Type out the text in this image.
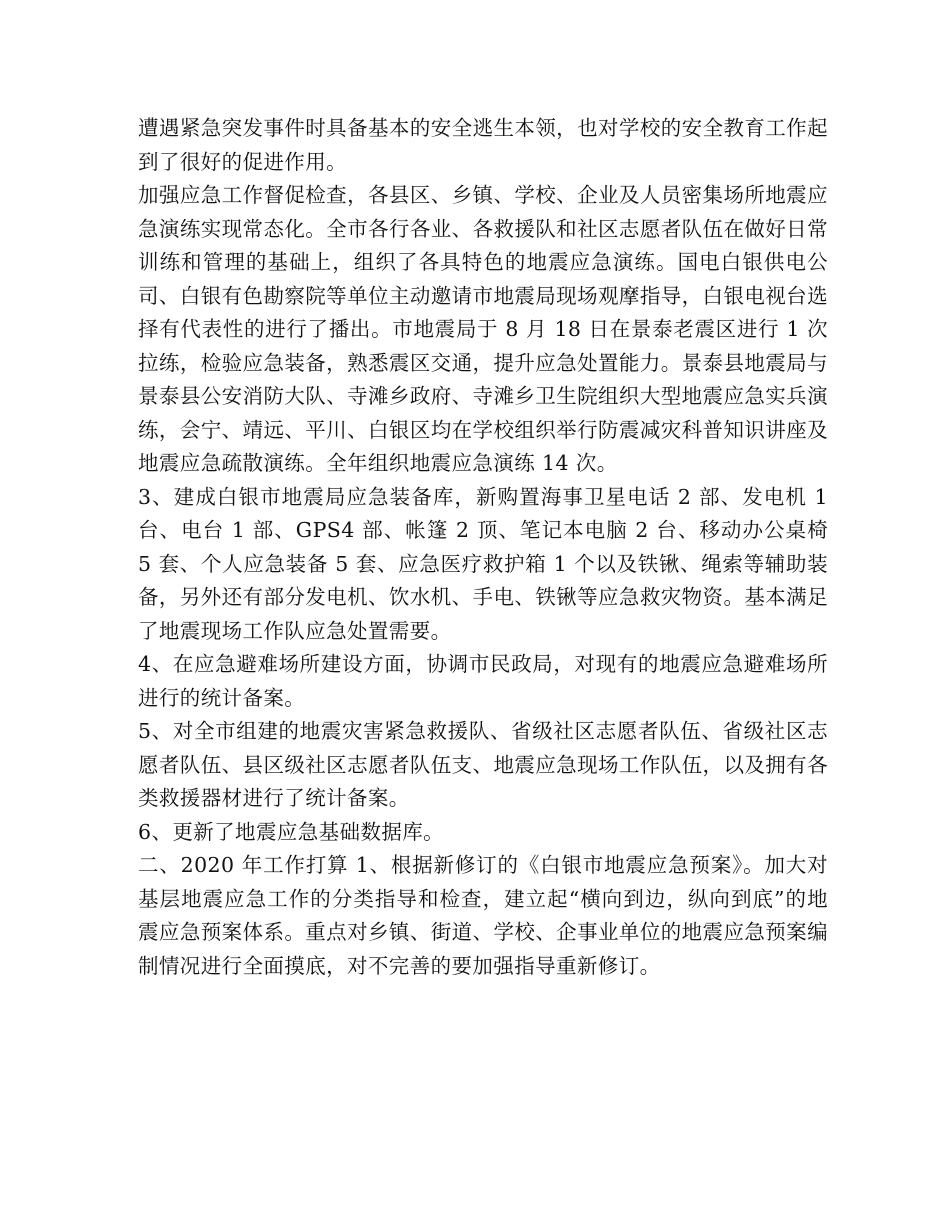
遭遇紧急突发事件时具备基本的安全逃生本领，也对学校的安全教育工作起到了很好的促进作用。

加强应急工作督促检查，各县区、乡镇、学校、企业及人员密集场所地震应急演练实现常态化。全市各行各业、各救援队和社区志愿者队伍在做好日常训练和管理的基础上，组织了各具特色的地震应急演练。国电白银供电公司、白银有色勘察院等单位主动邀请市地震局现场观摩指导，白银电视台选择有代表性的进行了播出。市地震局于 8 月 18 日在景泰老震区进行 1 次拉练，检验应急装备，熟悉震区交通，提升应急处置能力。景泰县地震局与景泰县公安消防大队、寺滩乡政府、寺滩乡卫生院组织大型地震应急实兵演练，会宁、靖远、平川、白银区均在学校组织举行防震减灾科普知识讲座及地震应急疏散演练。全年组织地震应急演练 14 次。

3、建成白银市地震局应急装备库，新购置海事卫星电话 2 部、发电机 1 台、电台 1 部、GPS4 部、帐篷 2 顶、笔记本电脑 2 台、移动办公桌椅 5 套、个人应急装备 5 套、应急医疗救护箱 1 个以及铁锹、绳索等辅助装备，另外还有部分发电机、饮水机、手电、铁锹等应急救灾物资。基本满足了地震现场工作队应急处置需要。

4、在应急避难场所建设方面，协调市民政局，对现有的地震应急避难场所进行的统计备案。

5、对全市组建的地震灾害紧急救援队、省级社区志愿者队伍、省级社区志愿者队伍、县区级社区志愿者队伍支、地震应急现场工作队伍，以及拥有各类救援器材进行了统计备案。

6、更新了地震应急基础数据库。

二、2020 年工作打算 1、根据新修订的《白银市地震应急预案》。加大对基层地震应急工作的分类指导和检查，建立起“横向到边，纵向到底”的地震应急预案体系。重点对乡镇、街道、学校、企事业单位的地震应急预案编制情况进行全面摸底，对不完善的要加强指导重新修订。
